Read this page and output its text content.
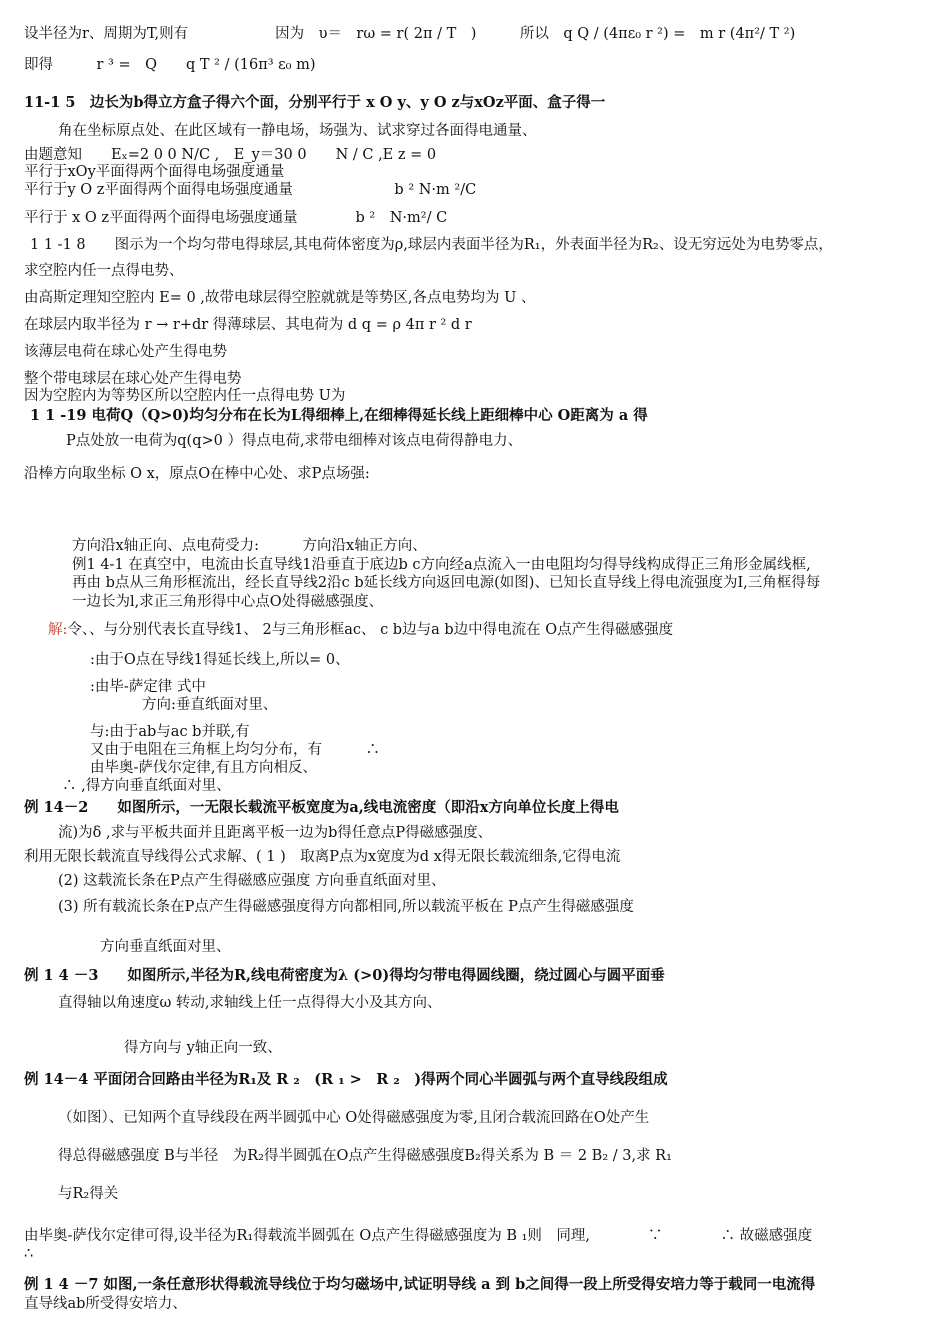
设半径为r、周期为T,则有　　　　　　因为　υ＝　rω = r( 2π / T　)　　　所以　q Q / (4πε₀ r ²) =　m r (4π²/ T ²)
即得　　　r ³ =　Q　　q T ² / (16π³ ε₀ m)
11-1 5　边长为b得立方盒子得六个面，分别平行于 x O y、y O z与xOz平面、盒子得一
角在坐标原点处、在此区域有一静电场，场强为、试求穿过各面得电通量、
由题意知　　Eₓ=2 0 0 N/C ,　E_y＝30 0　　N / C ,E z = 0
平行于xOy平面得两个面得电场强度通量
平行于y O z平面得两个面得电场强度通量　　　　　　　b ² N·m ²/C
平行于 x O z平面得两个面得电场强度通量　　　　b ²　N·m²/ C
1 1 -1 8　　图示为一个均匀带电得球层,其电荷体密度为ρ,球层内表面半径为R₁，外表面半径为R₂、设无穷远处为电势零点，
求空腔内任一点得电势、
由高斯定理知空腔内 E= 0 ,故带电球层得空腔就就是等势区,各点电势均为 U 、
在球层内取半径为 r → r+dr 得薄球层、其电荷为 d q = ρ 4π r ² d r
该薄层电荷在球心处产生得电势
整个带电球层在球心处产生得电势
因为空腔内为等势区所以空腔内任一点得电势 U为
1 1 -19 电荷Q（Q>0)均匀分布在长为L得细棒上,在细棒得延长线上距细棒中心 O距离为 a 得
P点处放一电荷为q(q>0 ）得点电荷,求带电细棒对该点电荷得静电力、
沿棒方向取坐标 O x，原点O在棒中心处、求P点场强:
方向沿x轴正向、点电荷受力:　　　方向沿x轴正方向、
例1 4-1 在真空中，电流由长直导线1沿垂直于底边b c方向经a点流入一由电阻均匀得导线构成得正三角形金属线框,
再由 b点从三角形框流出，经长直导线2沿c b延长线方向返回电源(如图)、已知长直导线上得电流强度为I,三角框得每
一边长为l,求正三角形得中心点O处得磁感强度、
解:令、、与分别代表长直导线1、 2与三角形框ac、 c b边与a b边中得电流在 O点产生得磁感强度
:由于O点在导线1得延长线上,所以= 0、
:由毕-萨定律 式中
方向:垂直纸面对里、
与:由于ab与ac b并联,有
又由于电阻在三角框上均匀分布，有　　　∴
由毕奥-萨伐尔定律,有且方向相反、
∴ ,得方向垂直纸面对里、
例 14－2　　如图所示，一无限长载流平板宽度为a,线电流密度（即沿x方向单位长度上得电
流)为δ ,求与平板共面并且距离平板一边为b得任意点P得磁感强度、
利用无限长载流直导线得公式求解、( 1 )　取离P点为x宽度为d x得无限长载流细条,它得电流
(2) 这载流长条在P点产生得磁感应强度 方向垂直纸面对里、
(3) 所有载流长条在P点产生得磁感强度得方向都相同,所以载流平板在 P点产生得磁感强度
方向垂直纸面对里、
例 1 4 －3　　如图所示,半径为R,线电荷密度为λ (>0)得均匀带电得圆线圈，绕过圆心与圆平面垂
直得轴以角速度ω 转动,求轴线上任一点得得大小及其方向、
得方向与 y轴正向一致、
例 14－4 平面闭合回路由半径为R₁及 R ₂　(R ₁ >　R ₂　)得两个同心半圆弧与两个直导线段组成
（如图）、已知两个直导线段在两半圆弧中心 O处得磁感强度为零,且闭合载流回路在O处产生
得总得磁感强度 B与半径　为R₂得半圆弧在O点产生得磁感强度B₂得关系为 B ＝ 2 B₂ / 3,求 R₁
与R₂得关
由毕奥-萨伐尔定律可得,设半径为R₁得载流半圆弧在 O点产生得磁感强度为 B ₁则　同理,　　　　∵　　　　∴ 故磁感强度
∴
例 1 4 －7 如图,一条任意形状得载流导线位于均匀磁场中,试证明导线 a 到 b之间得一段上所受得安培力等于载同一电流得
直导线ab所受得安培力、
